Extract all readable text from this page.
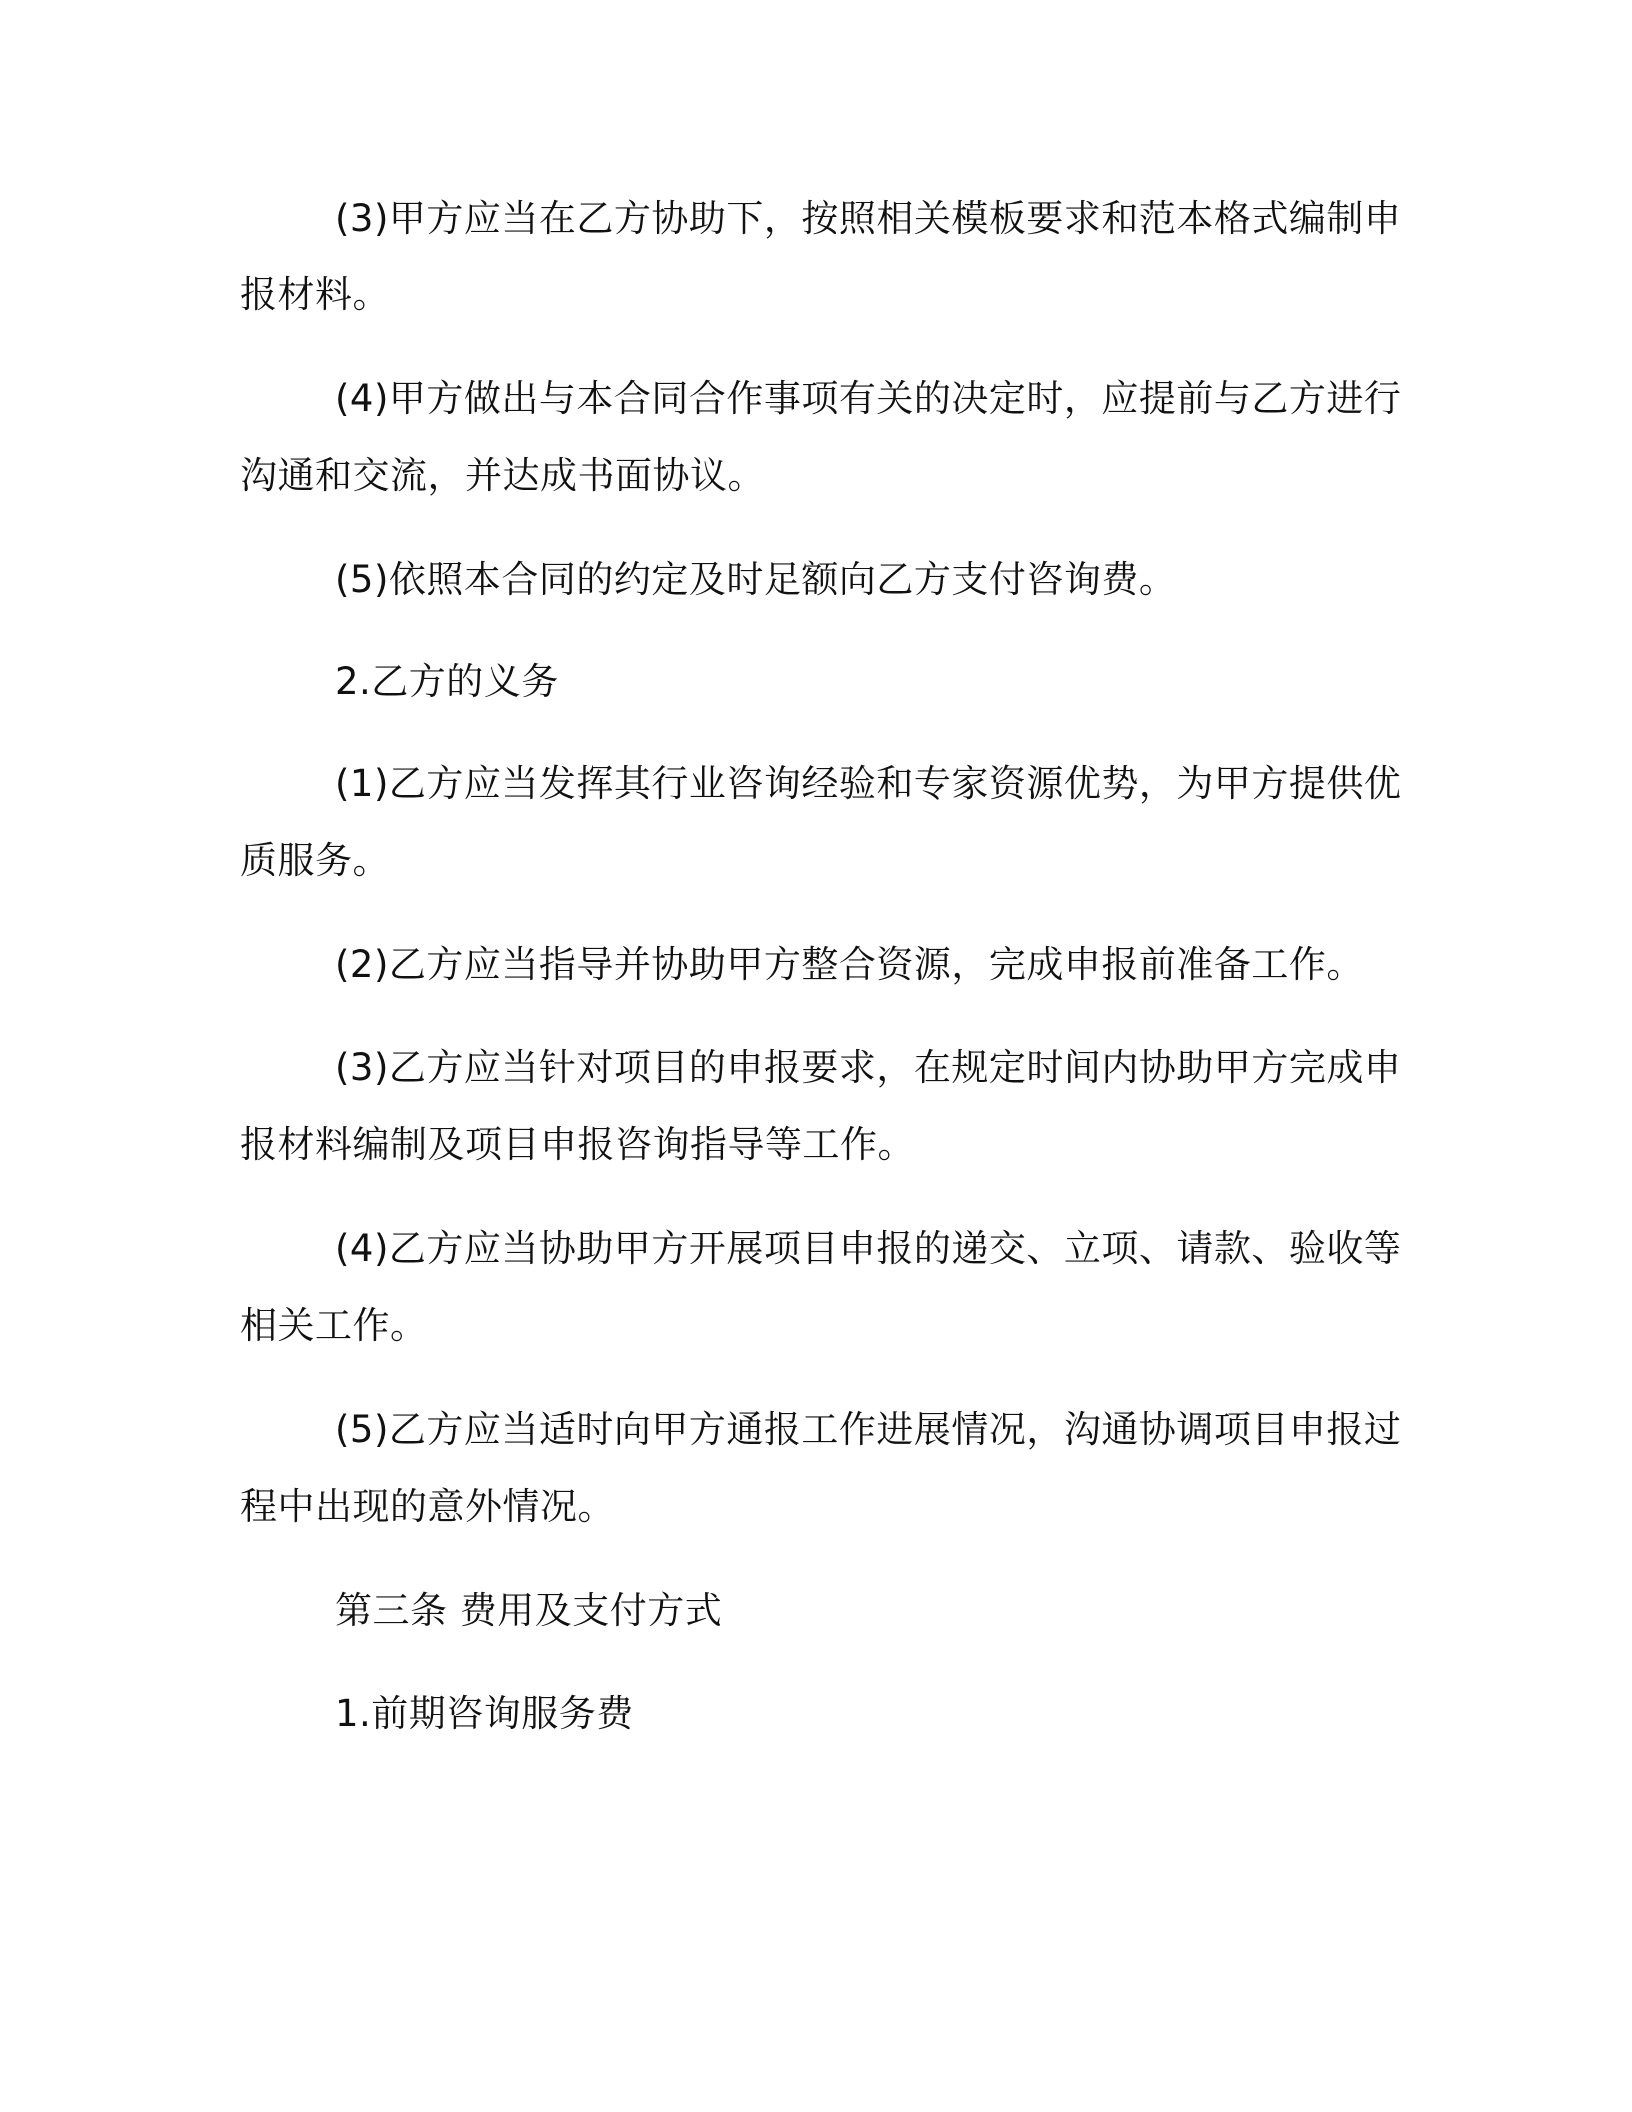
(3)甲方应当在乙方协助下，按照相关模板要求和范本格式编制申

报材料。

(4)甲方做出与本合同合作事项有关的决定时，应提前与乙方进行

沟通和交流，并达成书面协议。

(5)依照本合同的约定及时足额向乙方支付咨询费。

2.乙方的义务

(1)乙方应当发挥其行业咨询经验和专家资源优势，为甲方提供优

质服务。

(2)乙方应当指导并协助甲方整合资源，完成申报前准备工作。

(3)乙方应当针对项目的申报要求，在规定时间内协助甲方完成申

报材料编制及项目申报咨询指导等工作。

(4)乙方应当协助甲方开展项目申报的递交、立项、请款、验收等

相关工作。

(5)乙方应当适时向甲方通报工作进展情况，沟通协调项目申报过

程中出现的意外情况。

第三条 费用及支付方式

1.前期咨询服务费
